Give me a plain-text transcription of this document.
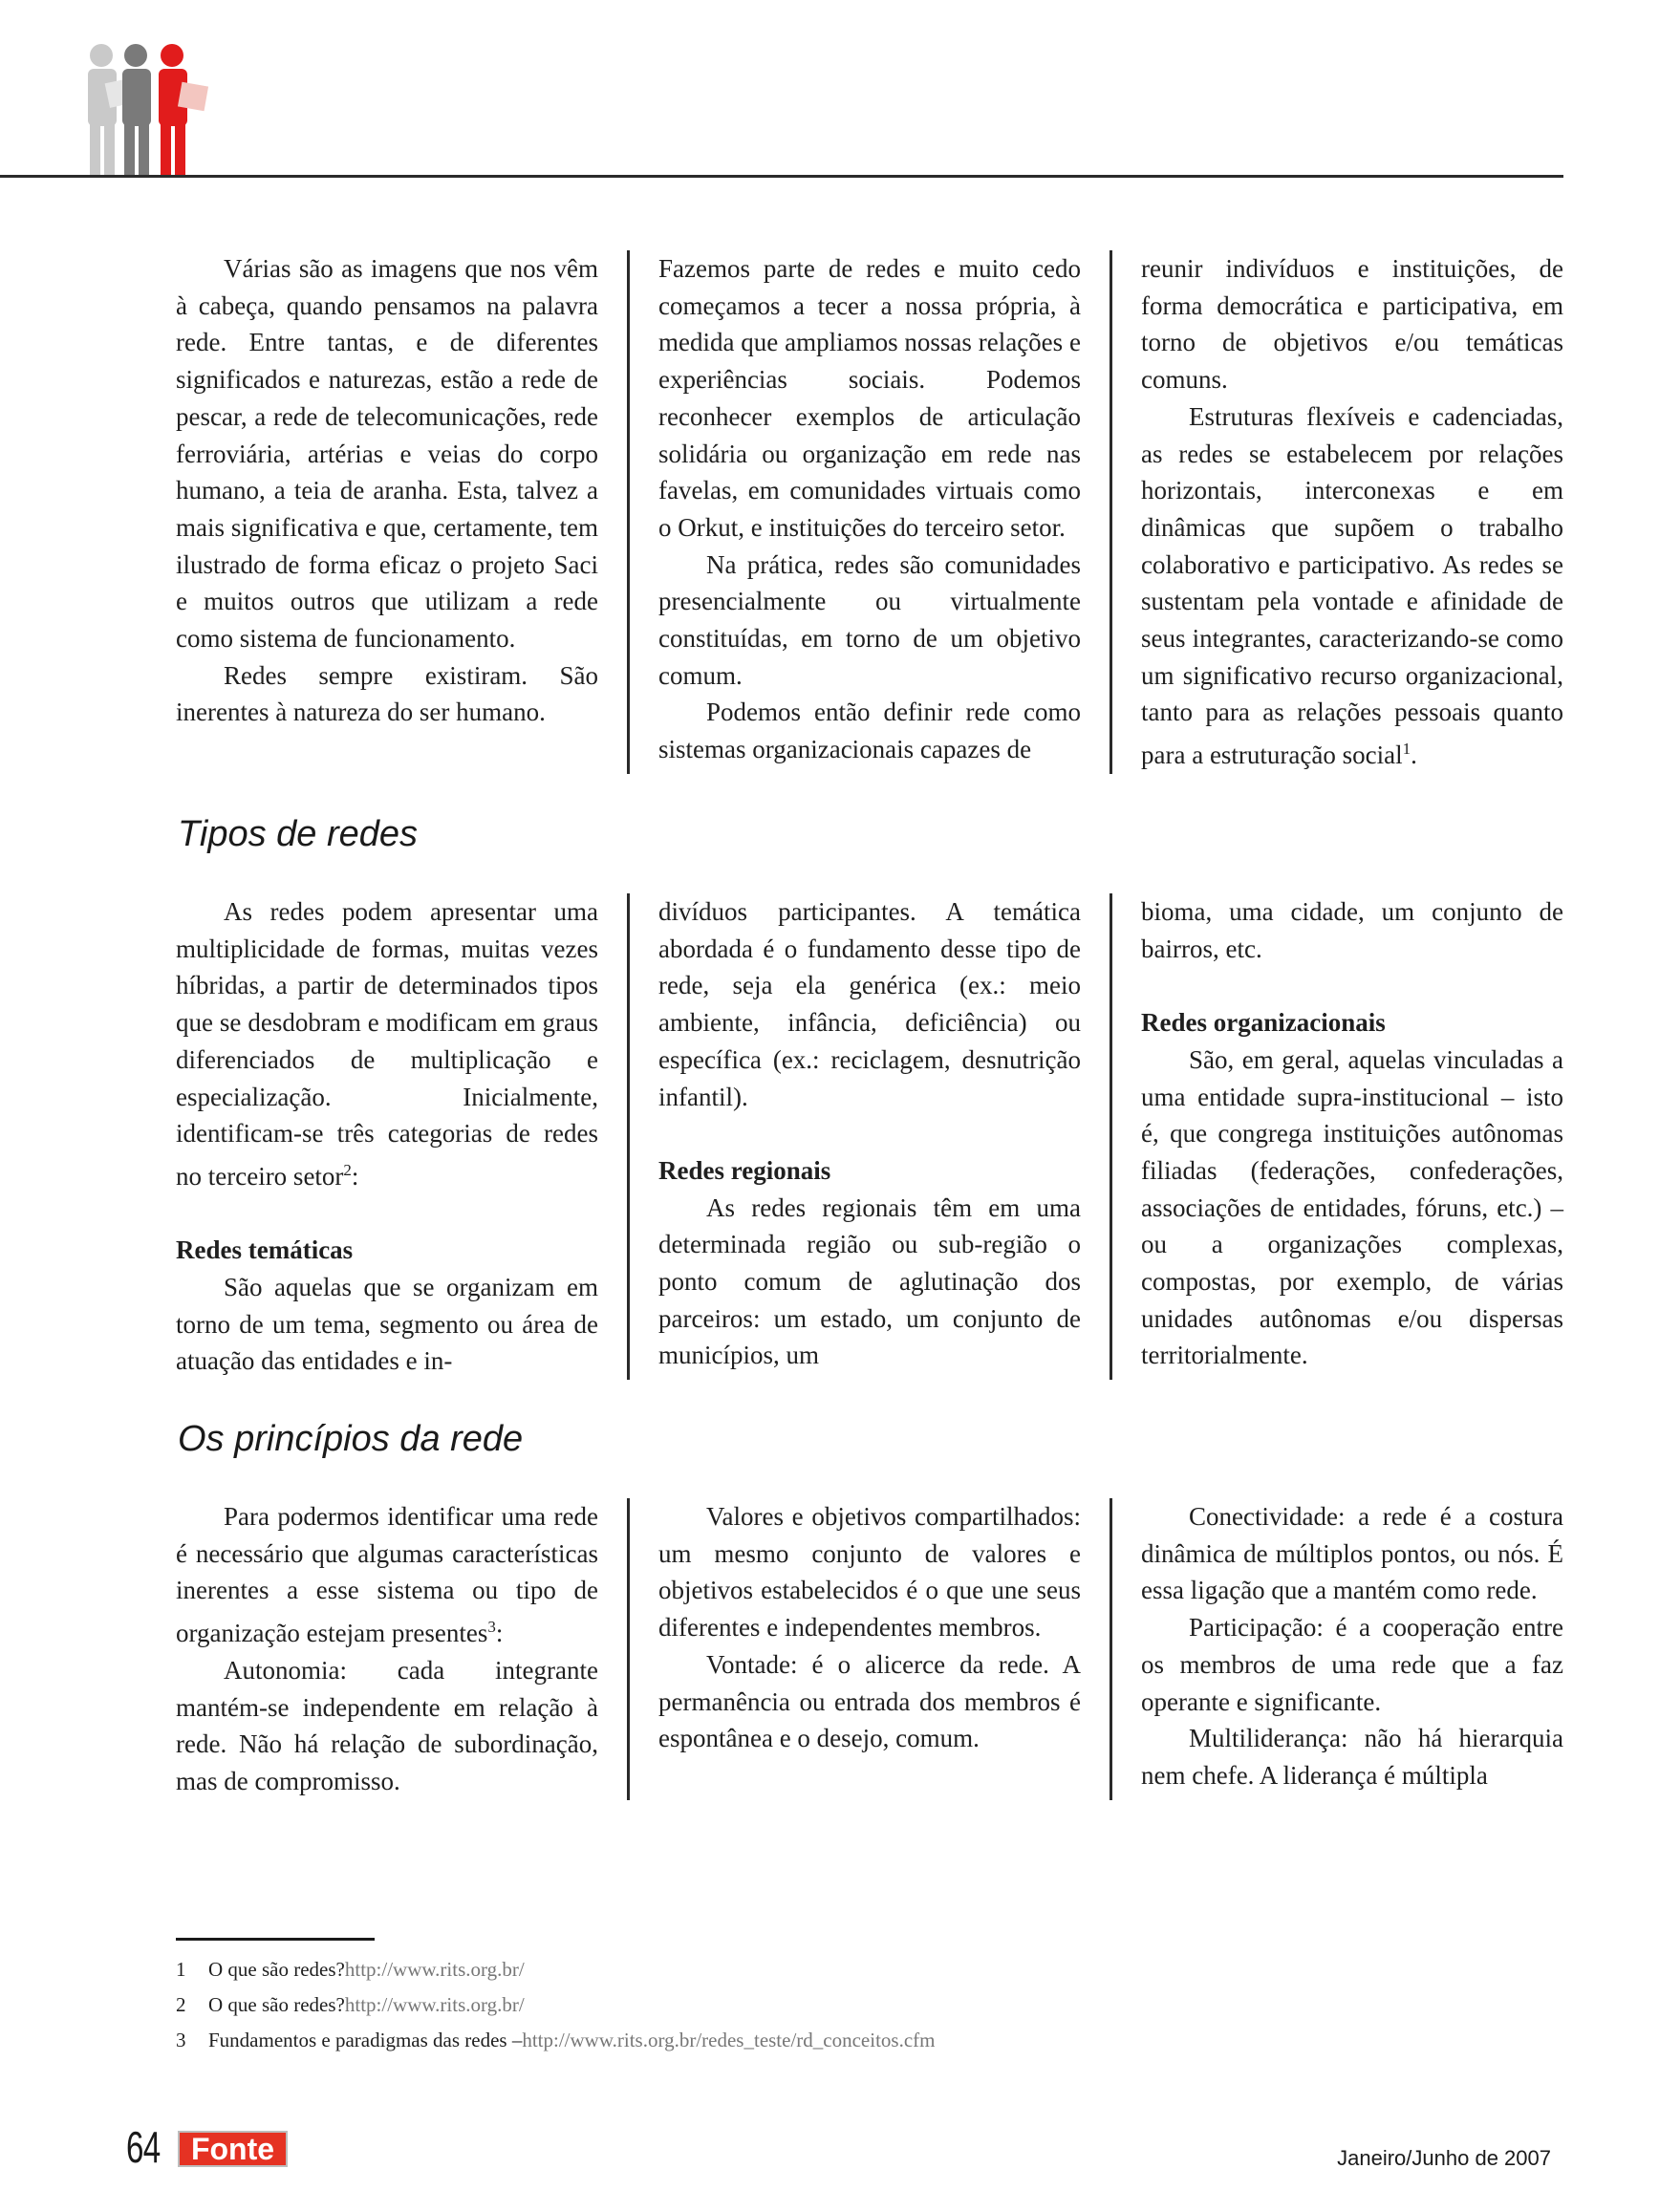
Várias são as imagens que nos vêm à cabeça, quando pensamos na palavra rede. Entre tantas, e de diferentes significados e naturezas, estão a rede de pescar, a rede de telecomunicações, rede ferroviária, artérias e veias do corpo humano, a teia de aranha. Esta, talvez a mais significativa e que, certamente, tem ilustrado de forma eficaz o projeto Saci e muitos outros que utilizam a rede como sistema de funcionamento.

Redes sempre existiram. São inerentes à natureza do ser humano.

Fazemos parte de redes e muito cedo começamos a tecer a nossa própria, à medida que ampliamos nossas relações e experiências sociais. Podemos reconhecer exemplos de articulação solidária ou organização em rede nas favelas, em comunidades virtuais como o Orkut, e instituições do terceiro setor.

Na prática, redes são comunidades presencialmente ou virtualmente constituídas, em torno de um objetivo comum.

Podemos então definir rede como sistemas organizacionais capazes de

reunir indivíduos e instituições, de forma democrática e participativa, em torno de objetivos e/ou temáticas comuns.

Estruturas flexíveis e cadenciadas, as redes se estabelecem por relações horizontais, interconexas e em dinâmicas que supõem o trabalho colaborativo e participativo. As redes se sustentam pela vontade e afinidade de seus integrantes, caracterizando-se como um significativo recurso organizacional, tanto para as relações pessoais quanto para a estruturação social$^1$.

Tipos de redes

As redes podem apresentar uma multiplicidade de formas, muitas vezes híbridas, a partir de determinados tipos que se desdobram e modificam em graus diferenciados de multiplicação e especialização. Inicialmente, identificam-se três categorias de redes no terceiro setor$^2$:

Redes temáticas

São aquelas que se organizam em torno de um tema, segmento ou área de atuação das entidades e in-

divíduos participantes. A temática abordada é o fundamento desse tipo de rede, seja ela genérica (ex.: meio ambiente, infância, deficiência) ou específica (ex.: reciclagem, desnutrição infantil).

Redes regionais

As redes regionais têm em uma determinada região ou sub-região o ponto comum de aglutinação dos parceiros: um estado, um conjunto de municípios, um

bioma, uma cidade, um conjunto de bairros, etc.

Redes organizacionais

São, em geral, aquelas vinculadas a uma entidade supra-institucional – isto é, que congrega instituições autônomas filiadas (federações, confederações, associações de entidades, fóruns, etc.) – ou a organizações complexas, compostas, por exemplo, de várias unidades autônomas e/ou dispersas territorialmente.

Os princípios da rede

Para podermos identificar uma rede é necessário que algumas características inerentes a esse sistema ou tipo de organização estejam presentes$^3$:

Autonomia: cada integrante mantém-se independente em relação à rede. Não há relação de subordinação, mas de compromisso.

Valores e objetivos compartilhados: um mesmo conjunto de valores e objetivos estabelecidos é o que une seus diferentes e independentes membros.

Vontade: é o alicerce da rede. A permanência ou entrada dos membros é espontânea e o desejo, comum.

Conectividade: a rede é a costura dinâmica de múltiplos pontos, ou nós. É essa ligação que a mantém como rede.

Participação: é a cooperação entre os membros de uma rede que a faz operante e significante.

Multiliderança: não há hierarquia nem chefe. A liderança é múltipla

1	O que são redes? http://www.rits.org.br/
2	O que são redes? http://www.rits.org.br/
3	Fundamentos e paradigmas das redes – http://www.rits.org.br/redes_teste/rd_conceitos.cfm
64	Fonte	Janeiro/Junho de 2007
